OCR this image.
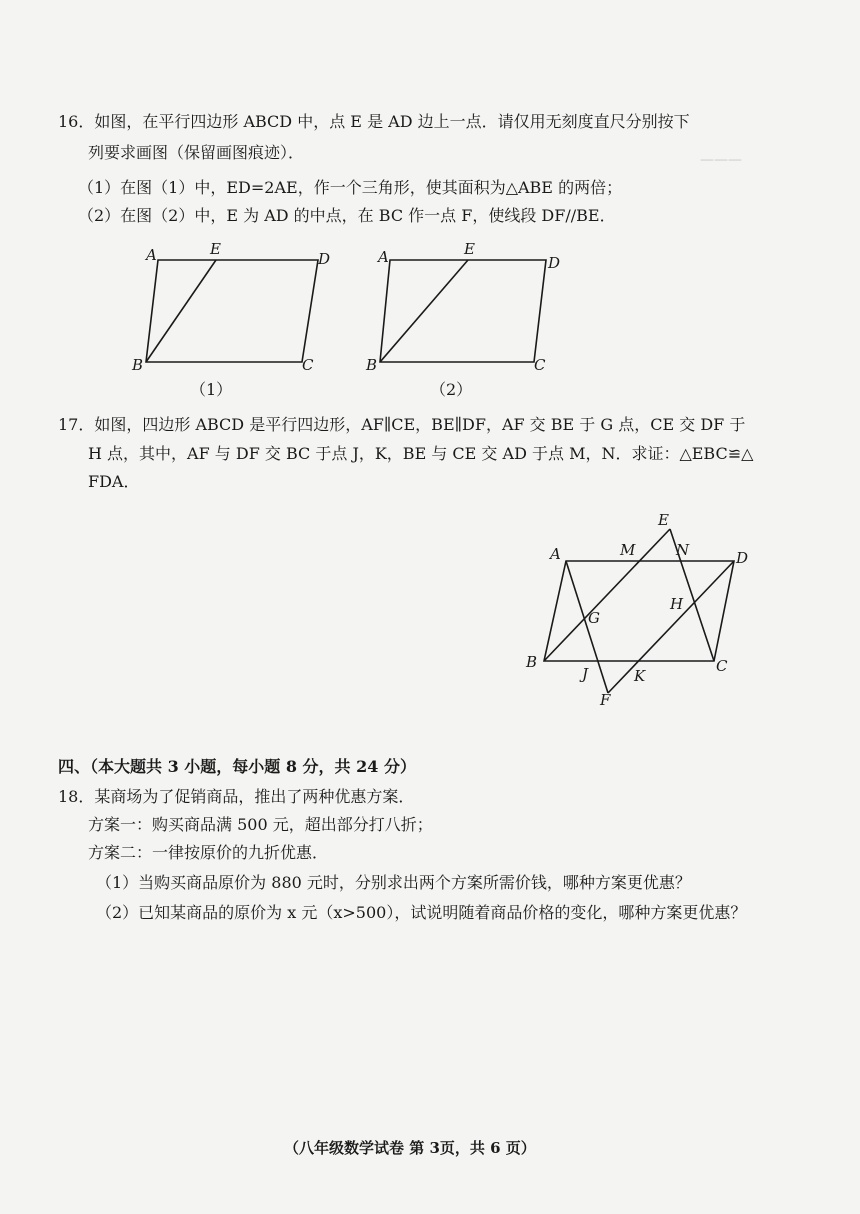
———
16．如图，在平行四边形 ABCD 中，点 E 是 AD 边上一点．请仅用无刻度直尺分别按下
列要求画图（保留画图痕迹）．
（1）在图（1）中，ED=2AE，作一个三角形，使其面积为△ABE 的两倍；
（2）在图（2）中，E 为 AD 的中点，在 BC 作一点 F，使线段 DF//BE．
A	E
D
B	C
（1）
A	E
D
B	C
（2）
17．如图，四边形 ABCD 是平行四边形，AF∥CE，BE∥DF，AF 交 BE 于 G 点，CE 交 DF 于
H 点，其中，AF 与 DF 交 BC 于点 J，K，BE 与 CE 交 AD 于点 M，N．求证：△EBC≌△
FDA．
E
A	M	N	D
H
G
B	C
J	K
F
四、（本大题共 3 小题，每小题 8 分，共 24 分）
18．某商场为了促销商品，推出了两种优惠方案．
方案一：购买商品满 500 元，超出部分打八折；
方案二：一律按原价的九折优惠．
（1）当购买商品原价为 880 元时，分别求出两个方案所需价钱，哪种方案更优惠？
（2）已知某商品的原价为 x 元（x>500），试说明随着商品价格的变化，哪种方案更优惠？
（八年级数学试卷 第 3页，共 6 页）
